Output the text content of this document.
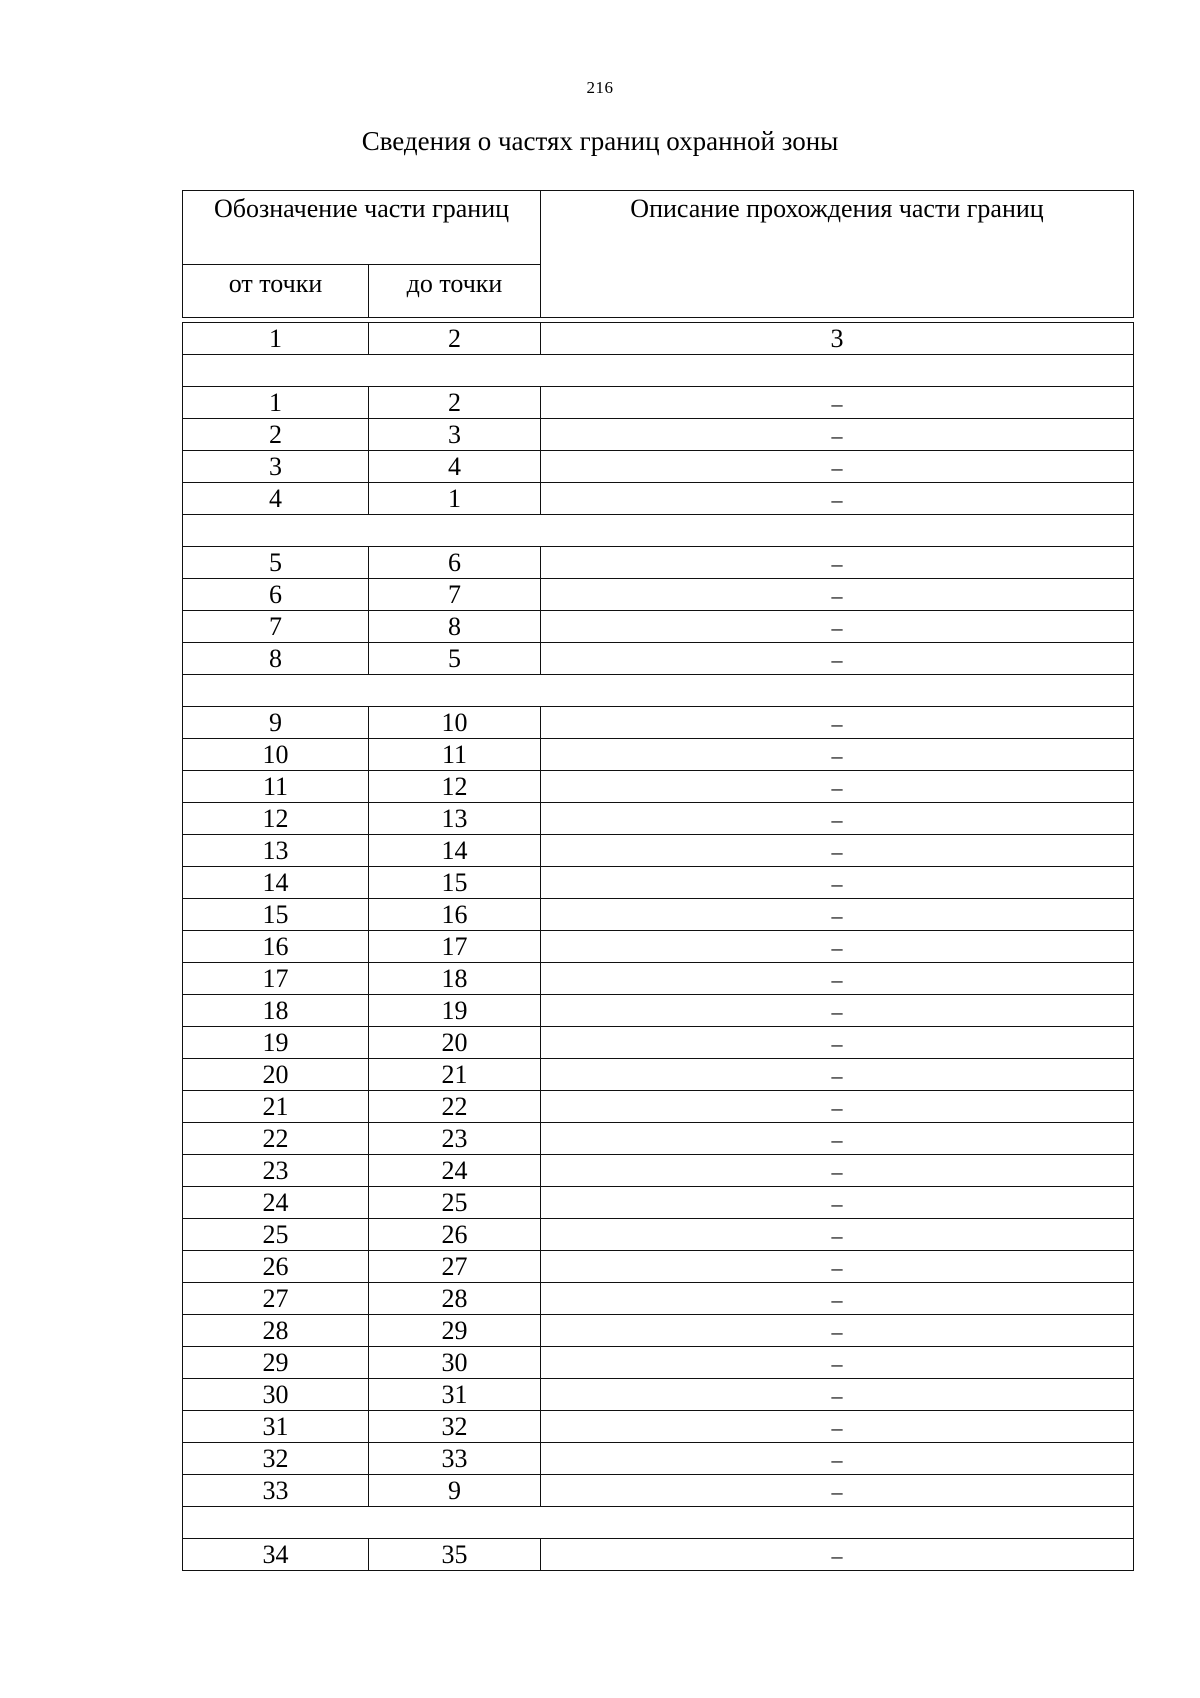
216
Сведения о частях границ охранной зоны
Обозначение части границ		Описание прохождения части границ
от точки	до точки	

1	2	3

1	2	–
2	3	–
3	4	–
4	1	–

5	6	–
6	7	–
7	8	–
8	5	–

9	10	–
10	11	–
11	12	–
12	13	–
13	14	–
14	15	–
15	16	–
16	17	–
17	18	–
18	19	–
19	20	–
20	21	–
21	22	–
22	23	–
23	24	–
24	25	–
25	26	–
26	27	–
27	28	–
28	29	–
29	30	–
30	31	–
31	32	–
32	33	–
33	9	–

34	35	–
